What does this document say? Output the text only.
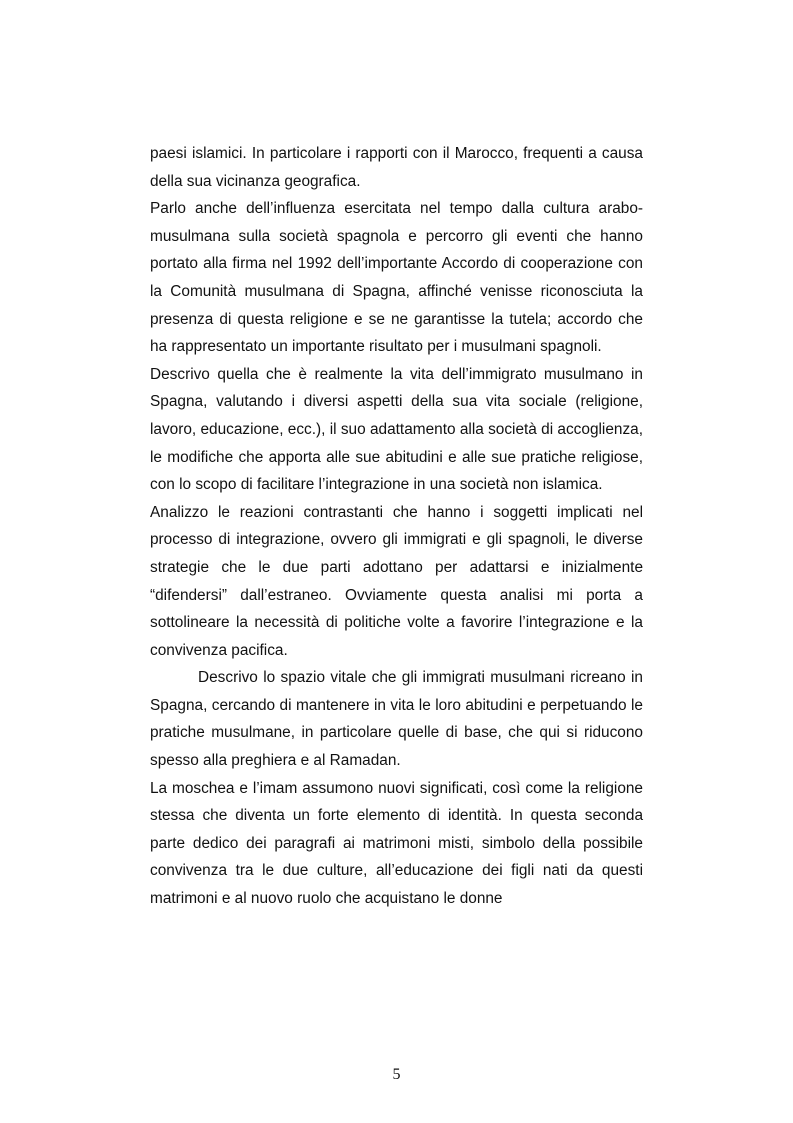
paesi islamici. In particolare i rapporti con il Marocco, frequenti a causa della sua vicinanza geografica.

Parlo anche dell’influenza esercitata nel tempo dalla cultura arabo-musulmana sulla società spagnola e percorro gli eventi che hanno portato alla firma nel 1992 dell’importante Accordo di cooperazione con la Comunità musulmana di Spagna, affinché venisse riconosciuta la presenza di questa religione e se ne garantisse la tutela; accordo che ha rappresentato un importante risultato per i musulmani spagnoli.

Descrivo quella che è realmente la vita dell’immigrato musulmano in Spagna, valutando i diversi aspetti della sua vita sociale (religione, lavoro, educazione, ecc.), il suo adattamento alla società di accoglienza, le modifiche che apporta alle sue abitudini e alle sue pratiche religiose, con lo scopo di facilitare l’integrazione in una società non islamica.

Analizzo le reazioni contrastanti che hanno i soggetti implicati nel processo di integrazione, ovvero gli immigrati e gli spagnoli, le diverse strategie che le due parti adottano per adattarsi e inizialmente “difendersi” dall’estraneo. Ovviamente questa analisi mi porta a sottolineare la necessità di politiche volte a favorire l’integrazione e la convivenza pacifica.

Descrivo lo spazio vitale che gli immigrati musulmani ricreano in Spagna, cercando di mantenere in vita le loro abitudini e perpetuando le pratiche musulmane, in particolare quelle di base, che qui si riducono spesso alla preghiera e al Ramadan.

La moschea e l’imam assumono nuovi significati, così come la religione stessa che diventa un forte elemento di identità. In questa seconda parte dedico dei paragrafi ai matrimoni misti, simbolo della possibile convivenza tra le due culture, all’educazione dei figli nati da questi matrimoni e al nuovo ruolo che acquistano le donne

5
